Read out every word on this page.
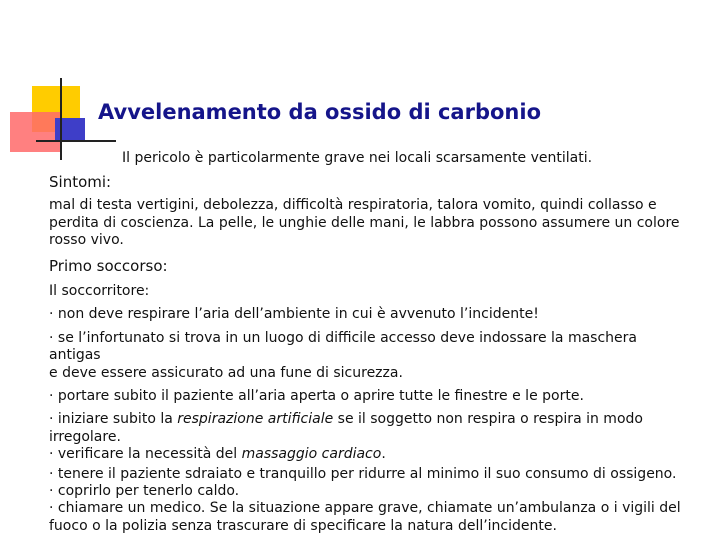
Avvelenamento da ossido di carbonio
Il pericolo è particolarmente grave nei locali scarsamente ventilati.
Sintomi:
mal di testa vertigini, debolezza, difficoltà respiratoria, talora vomito, quindi collasso e
perdita di coscienza. La pelle, le unghie delle mani, le labbra possono assumere un colore
rosso vivo.
Primo soccorso:
Il soccorritore:
· non deve respirare l’aria dell’ambiente in cui è avvenuto l’incidente!
· se l’infortunato si trova in un luogo di difficile accesso deve indossare la maschera antigas
e deve essere assicurato ad una fune di sicurezza.
· portare subito il paziente all’aria aperta o aprire tutte le finestre e le porte.
· iniziare subito la respirazione artificiale se il soggetto non respira o respira in modo
irregolare.
· verificare la necessità del massaggio cardiaco.
· tenere il paziente sdraiato e tranquillo per ridurre al minimo il suo consumo di ossigeno.
· coprirlo per tenerlo caldo.
· chiamare un medico. Se la situazione appare grave, chiamate un’ambulanza o i vigili del
fuoco o la polizia senza trascurare di specificare la natura dell’incidente.
